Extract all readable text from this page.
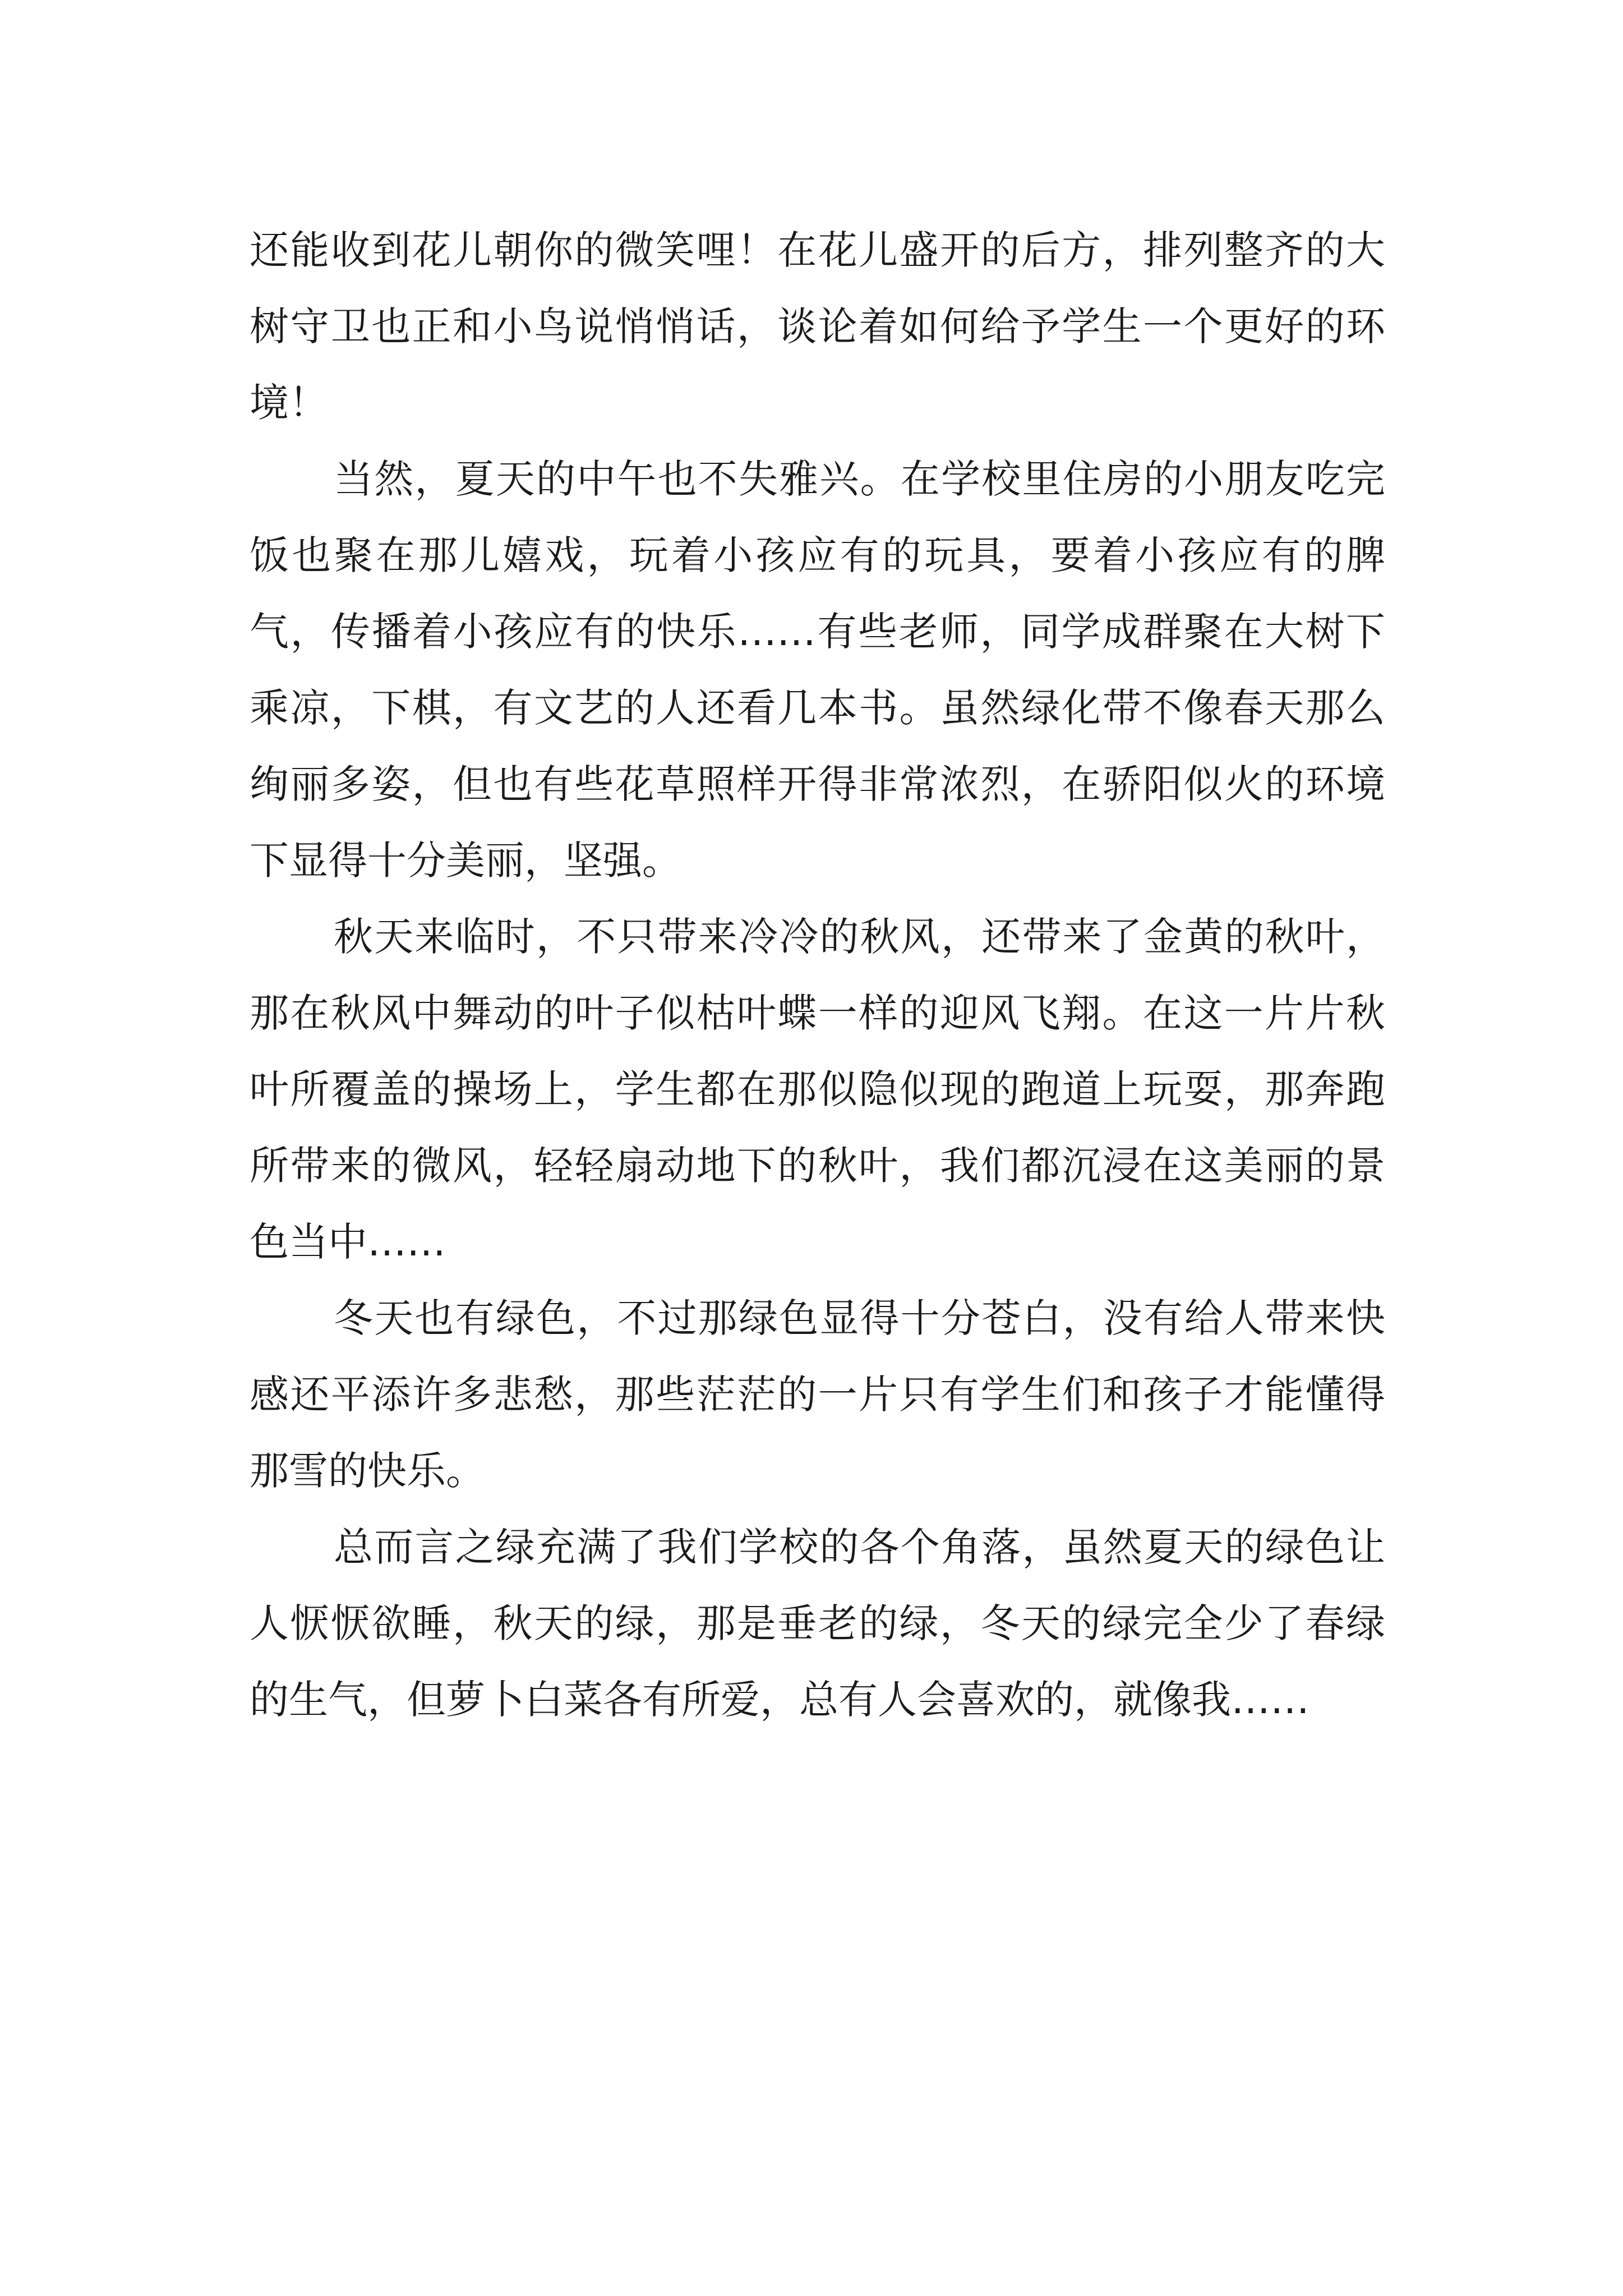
还能收到花儿朝你的微笑哩！在花儿盛开的后方，排列整齐的大树守卫也正和小鸟说悄悄话，谈论着如何给予学生一个更好的环境！

当然，夏天的中午也不失雅兴。在学校里住房的小朋友吃完饭也聚在那儿嬉戏，玩着小孩应有的玩具，要着小孩应有的脾气，传播着小孩应有的快乐……有些老师，同学成群聚在大树下乘凉，下棋，有文艺的人还看几本书。虽然绿化带不像春天那么绚丽多姿，但也有些花草照样开得非常浓烈，在骄阳似火的环境下显得十分美丽，坚强。

秋天来临时，不只带来冷冷的秋风，还带来了金黄的秋叶，那在秋风中舞动的叶子似枯叶蝶一样的迎风飞翔。在这一片片秋叶所覆盖的操场上，学生都在那似隐似现的跑道上玩耍，那奔跑所带来的微风，轻轻扇动地下的秋叶，我们都沉浸在这美丽的景色当中……

冬天也有绿色，不过那绿色显得十分苍白，没有给人带来快感还平添许多悲愁，那些茫茫的一片只有学生们和孩子才能懂得那雪的快乐。

总而言之绿充满了我们学校的各个角落，虽然夏天的绿色让人恹恹欲睡，秋天的绿，那是垂老的绿，冬天的绿完全少了春绿的生气，但萝卜白菜各有所爱，总有人会喜欢的，就像我……
